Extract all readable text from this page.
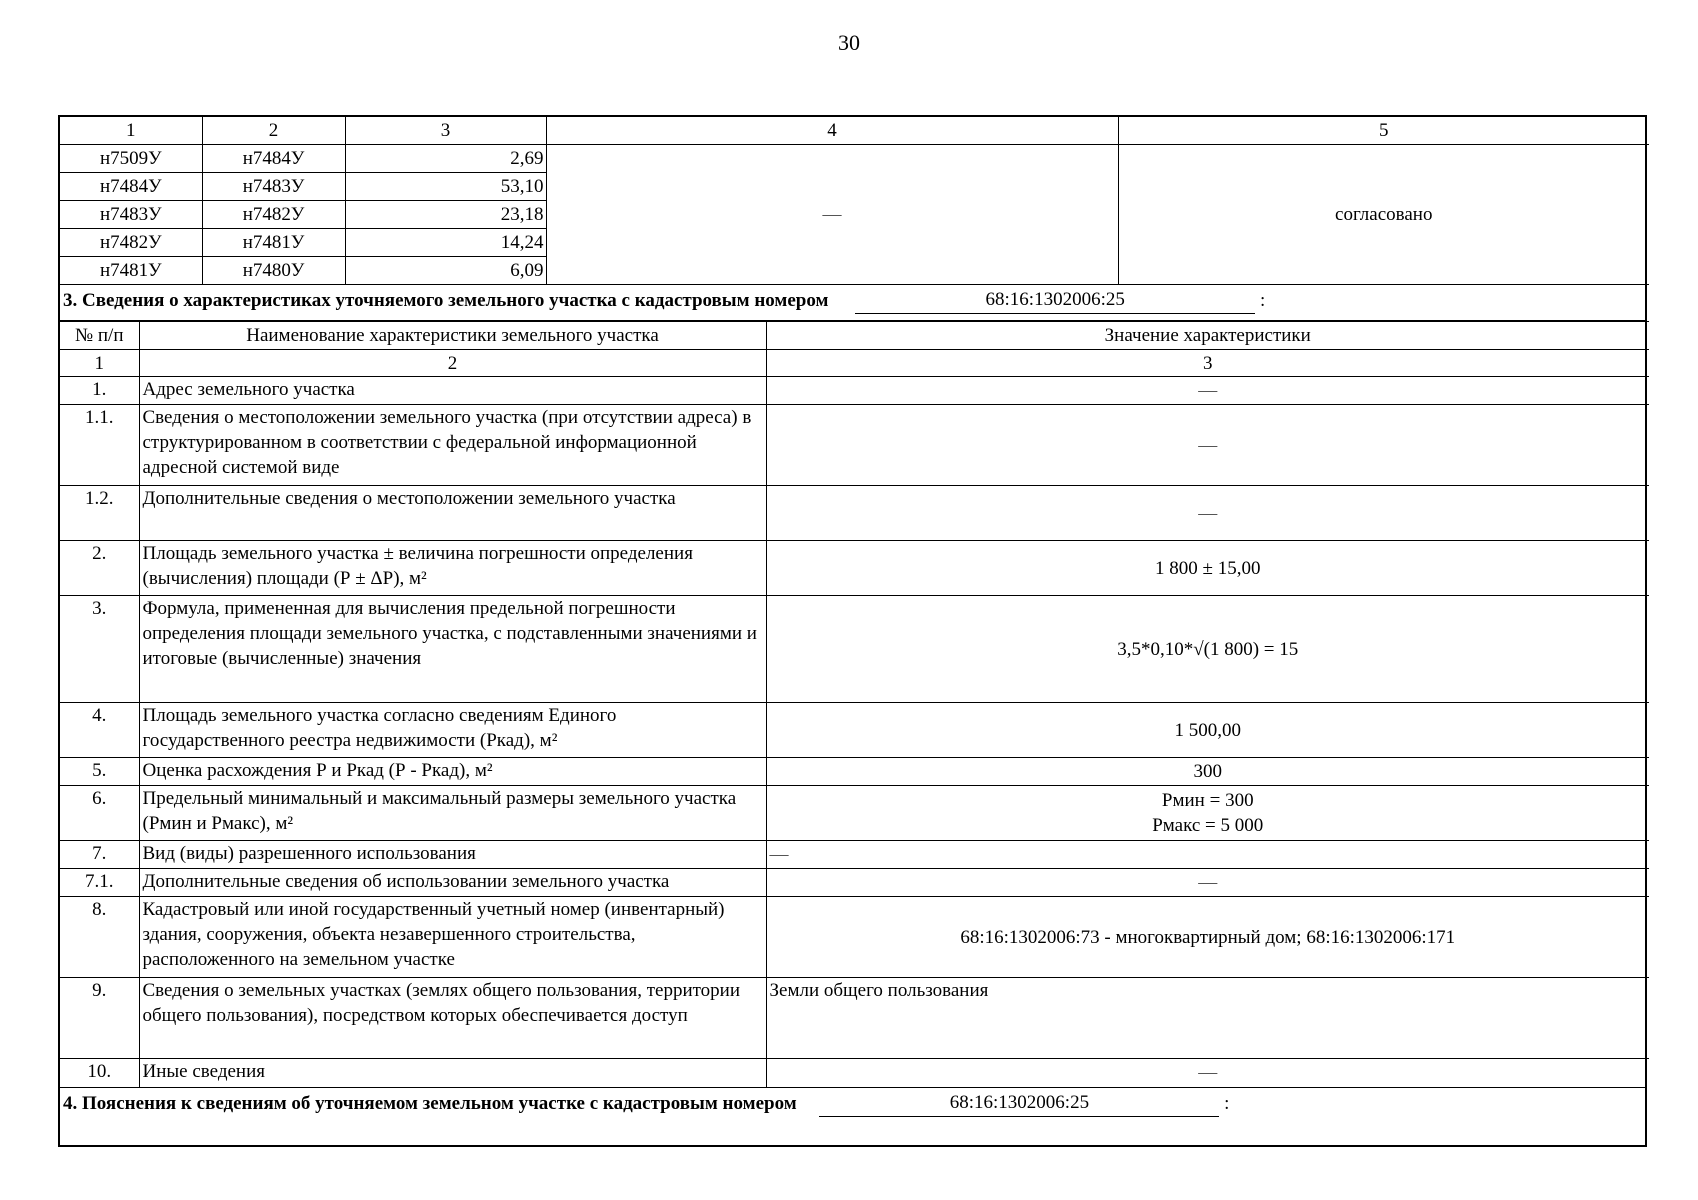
30
1	2	3	4	5
н7509У	н7484У	2,69	—	согласовано
н7484У	н7483У	53,10		
н7483У	н7482У	23,18		
н7482У	н7481У	14,24		
н7481У	н7480У	6,09		
3. Сведения о характеристиках уточняемого земельного участка с кадастровым номером	68:16:1302006:25	:
№ п/п	Наименование характеристики земельного участка	Значение характеристики
1	2	3
1.	Адрес земельного участка	—
1.1.	Сведения о местоположении земельного участка (при отсутствии адреса) в структурированном в соответствии с федеральной информационной адресной системой виде	—
1.2.	Дополнительные сведения о местоположении земельного участка	—
2.	Площадь земельного участка ± величина погрешности определения (вычисления) площади (Р ± ΔР), м²	1 800 ± 15,00
3.	Формула, примененная для вычисления предельной погрешности определения площади земельного участка, с подставленными значениями и итоговые (вычисленные) значения	3,5*0,10*√(1 800) = 15
4.	Площадь земельного участка согласно сведениям Единого государственного реестра недвижимости (Ркад), м²	1 500,00
5.	Оценка расхождения Р и Ркад (Р - Ркад), м²	300
6.	Предельный минимальный и максимальный размеры земельного участка (Рмин и Рмакс), м²	Рмин = 300
Рмакс = 5 000

7.	Вид (виды) разрешенного использования	—
7.1.	Дополнительные сведения об использовании земельного участка	—
8.	Кадастровый или иной государственный учетный номер (инвентарный) здания, сооружения, объекта незавершенного строительства, расположенного на земельном участке	68:16:1302006:73 - многоквартирный дом; 68:16:1302006:171
9.	Сведения о земельных участках (землях общего пользования, территории общего пользования), посредством которых обеспечивается доступ	Земли общего пользования
10.	Иные сведения	—
4. Пояснения к сведениям об уточняемом земельном участке с кадастровым номером	68:16:1302006:25	:
